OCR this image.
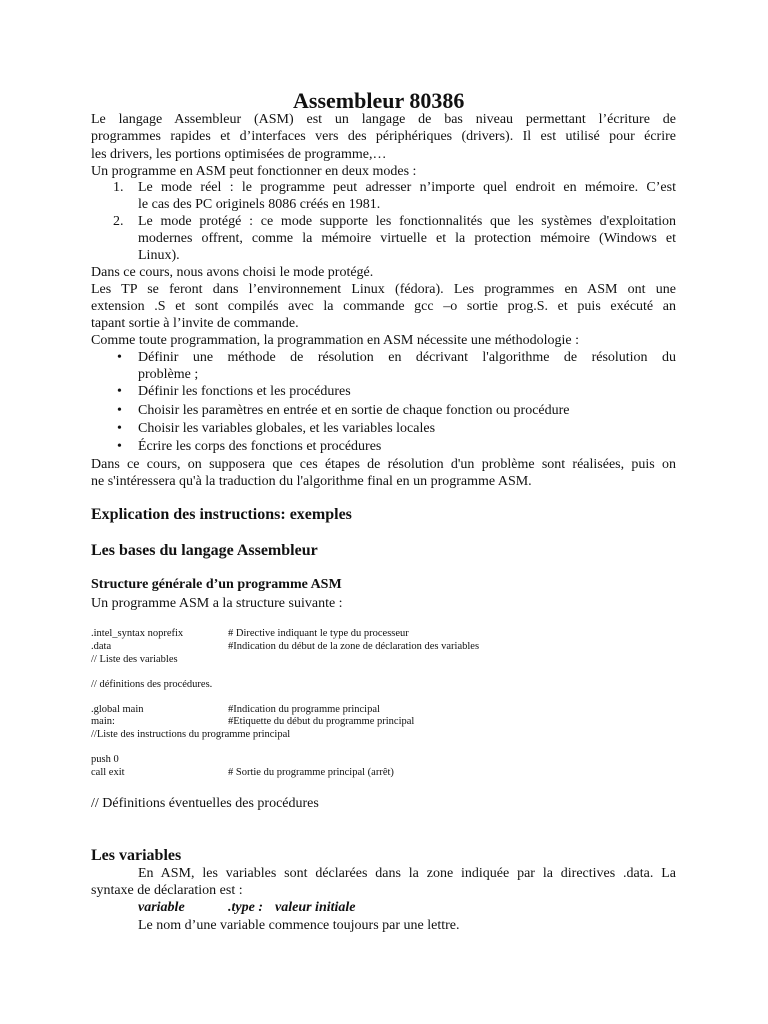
Assembleur 80386

Le langage Assembleur (ASM) est un langage de bas niveau permettant l’écriture de

programmes rapides et d’interfaces vers des périphériques (drivers). Il est utilisé pour écrire

les drivers, les portions optimisées de programme,…

Un programme en ASM peut fonctionner en deux modes :

1. Le mode réel : le programme peut adresser n’importe quel endroit en mémoire. C’est

le cas des PC originels 8086 créés en 1981.

2. Le mode protégé : ce mode supporte les fonctionnalités que les systèmes d'exploitation

modernes offrent, comme la mémoire virtuelle et la protection mémoire (Windows et

Linux).

Dans ce cours, nous avons choisi le mode protégé.

Les TP se feront dans l’environnement Linux (fédora). Les programmes en ASM ont une

extension .S et sont compilés avec la commande gcc –o sortie prog.S. et puis exécuté an

tapant sortie à l’invite de commande.

Comme toute programmation, la programmation en ASM nécessite une méthodologie :

• Définir une méthode de résolution en décrivant l'algorithme de résolution du

problème ;

• Définir les fonctions et les procédures

• Choisir les paramètres en entrée et en sortie de chaque fonction ou procédure

• Choisir les variables globales, et les variables locales

• Écrire les corps des fonctions et procédures

Dans ce cours, on supposera que ces étapes de résolution d'un problème sont réalisées, puis on

ne s'intéressera qu'à la traduction du l'algorithme final en un programme ASM.

Explication des instructions: exemples
Les bases du langage Assembleur
Structure générale d’un programme ASM

Un programme ASM a la structure suivante :

.intel_syntax noprefix	# Directive indiquant le type du processeur
.data	#Indication du début de la zone de déclaration des variables
// Liste des variables
// définitions des procédures.
.global main	#Indication du programme principal
main:	#Etiquette du début du programme principal
//Liste des instructions du programme principal
push 0
call exit	# Sortie du programme principal (arrêt)

// Définitions éventuelles des procédures

Les variables

En ASM, les variables sont déclarées dans la zone indiquée par la directives .data. La

syntaxe de déclaration est :

variable	.type : valeur initiale

Le nom d’une variable commence toujours par une lettre.
